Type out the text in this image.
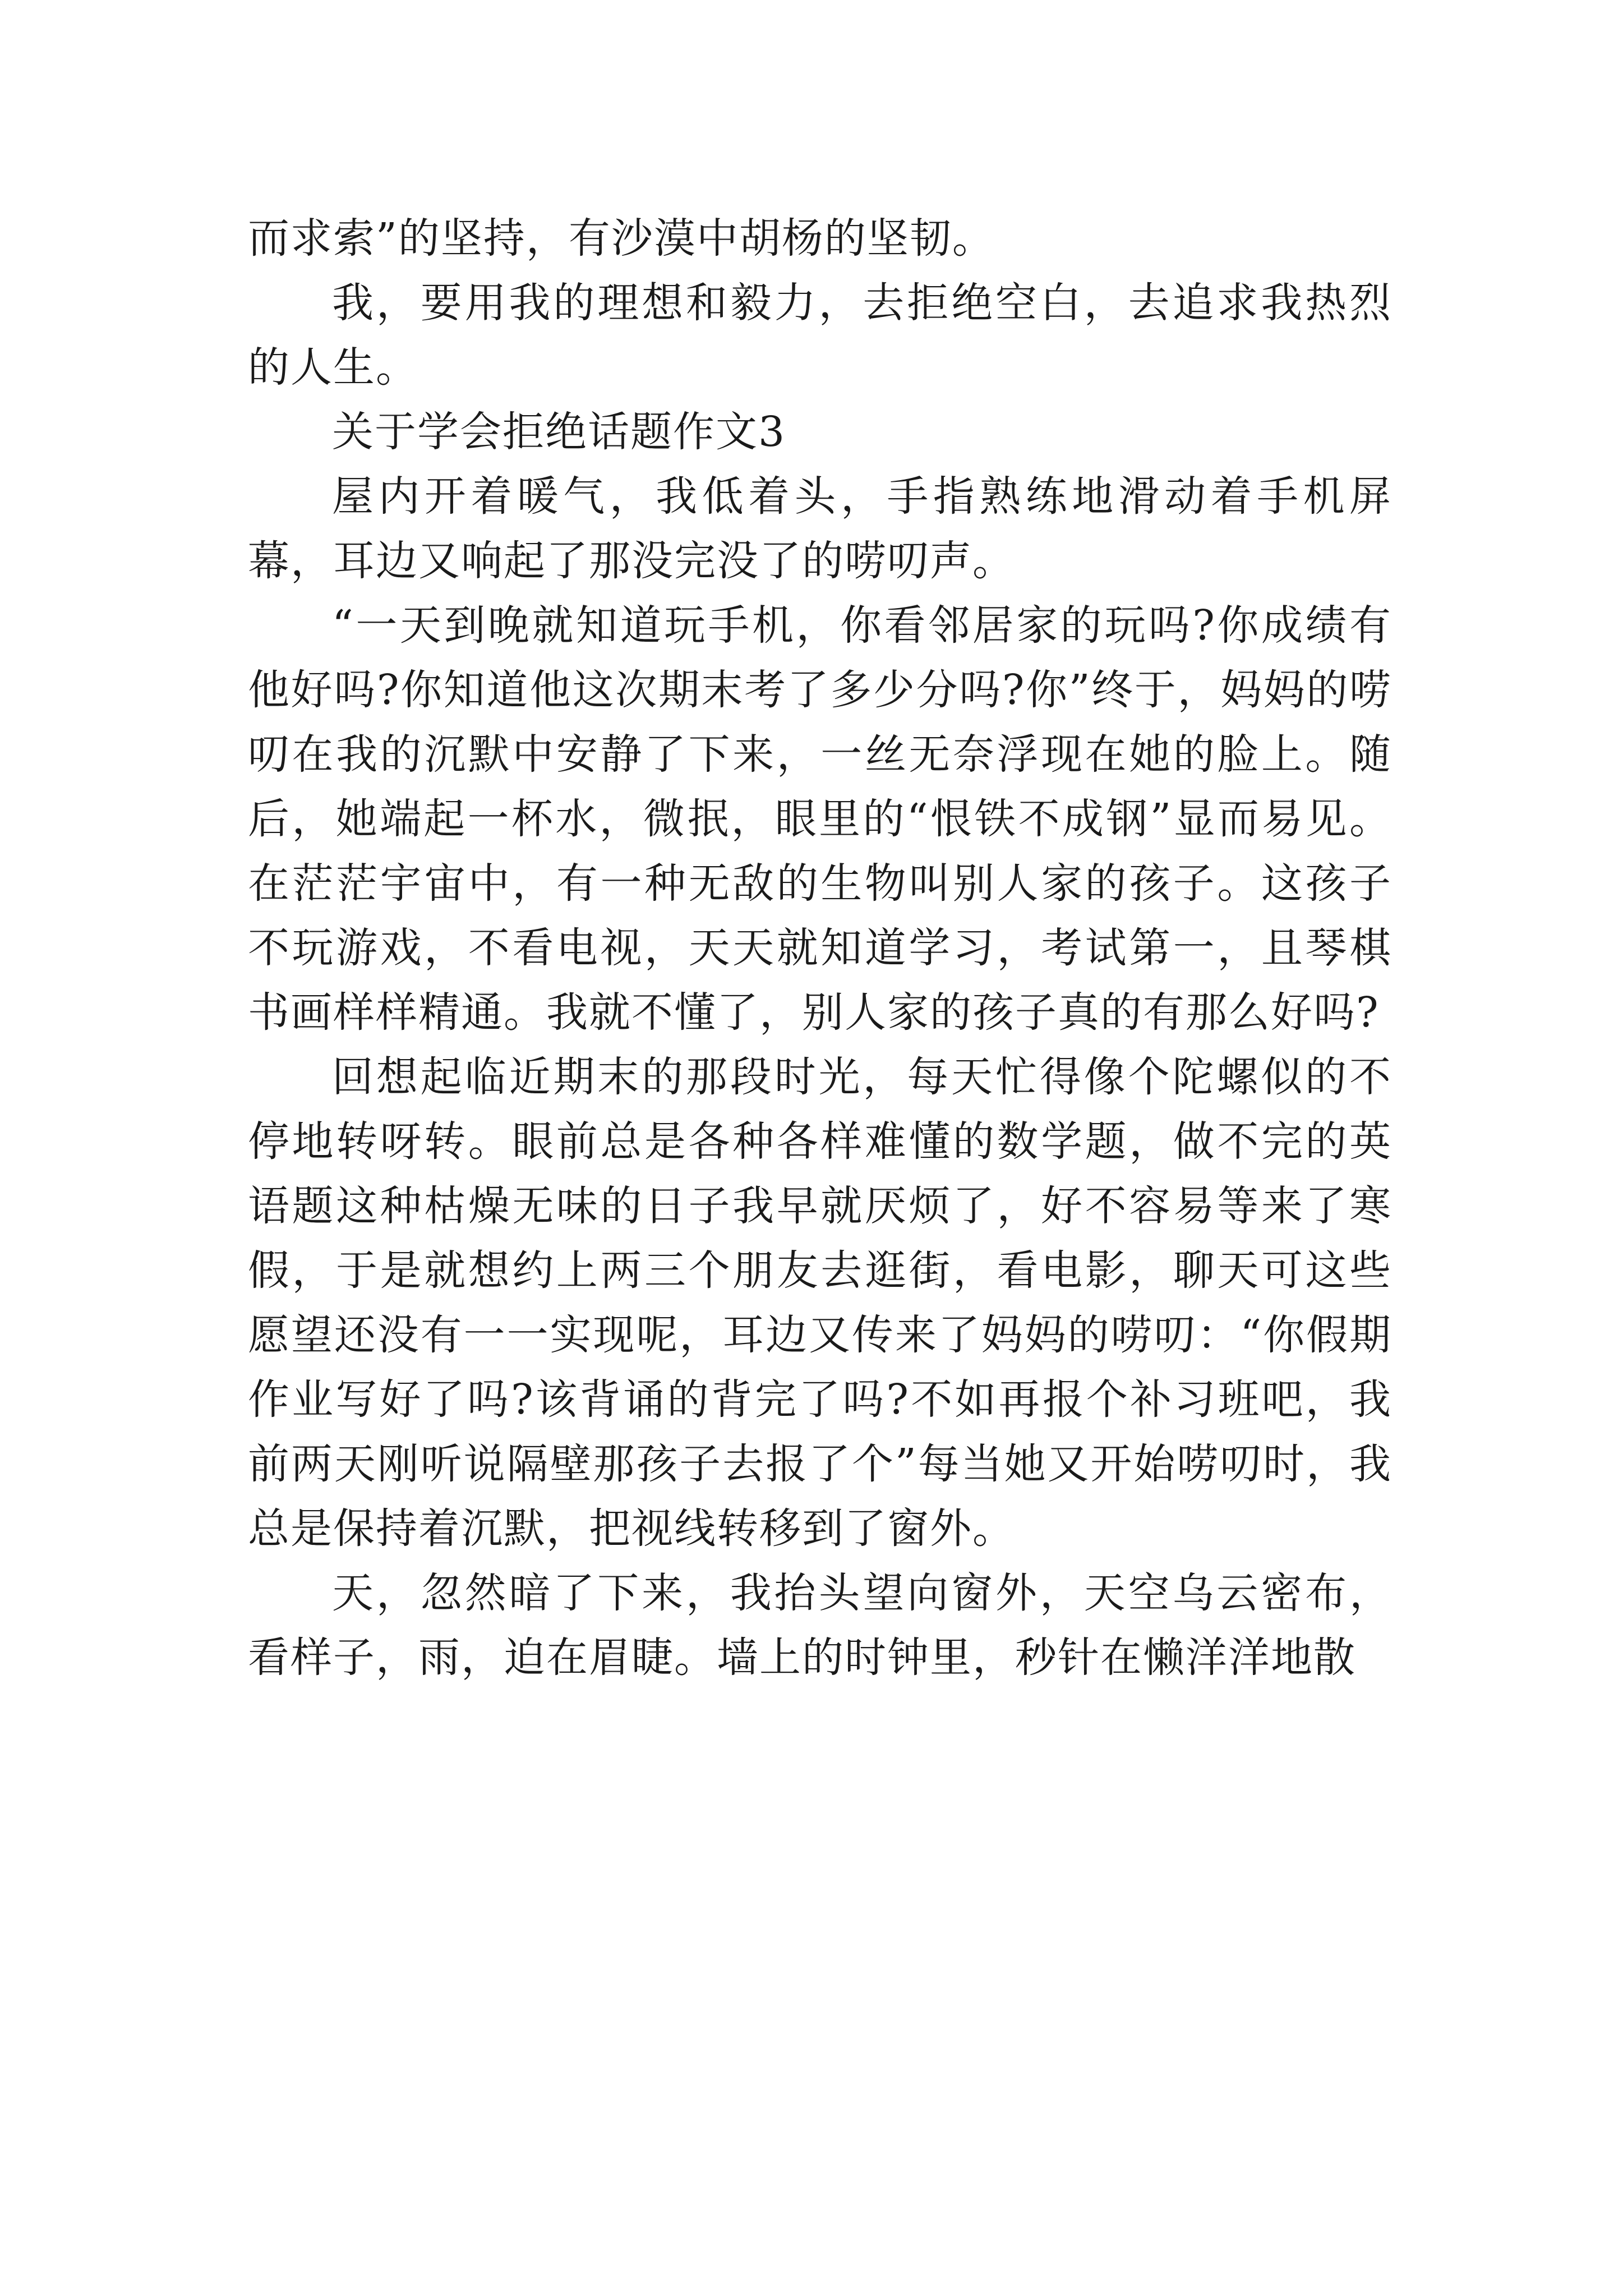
而求索”的坚持，有沙漠中胡杨的坚韧。

我，要用我的理想和毅力，去拒绝空白，去追求我热烈的人生。

关于学会拒绝话题作文3

屋内开着暖气，我低着头，手指熟练地滑动着手机屏幕，耳边又响起了那没完没了的唠叨声。

“一天到晚就知道玩手机，你看邻居家的玩吗?你成绩有他好吗?你知道他这次期末考了多少分吗?你”终于，妈妈的唠叨在我的沉默中安静了下来，一丝无奈浮现在她的脸上。随后，她端起一杯水，微抿，眼里的“恨铁不成钢”显而易见。在茫茫宇宙中，有一种无敌的生物叫别人家的孩子。这孩子不玩游戏，不看电视，天天就知道学习，考试第一，且琴棋书画样样精通。我就不懂了，别人家的孩子真的有那么好吗?

回想起临近期末的那段时光，每天忙得像个陀螺似的不停地转呀转。眼前总是各种各样难懂的数学题，做不完的英语题这种枯燥无味的日子我早就厌烦了，好不容易等来了寒假，于是就想约上两三个朋友去逛街，看电影，聊天可这些愿望还没有一一实现呢，耳边又传来了妈妈的唠叨：“你假期作业写好了吗?该背诵的背完了吗?不如再报个补习班吧，我前两天刚听说隔壁那孩子去报了个”每当她又开始唠叨时，我总是保持着沉默，把视线转移到了窗外。

天，忽然暗了下来，我抬头望向窗外，天空乌云密布，看样子，雨，迫在眉睫。墙上的时钟里，秒针在懒洋洋地散
